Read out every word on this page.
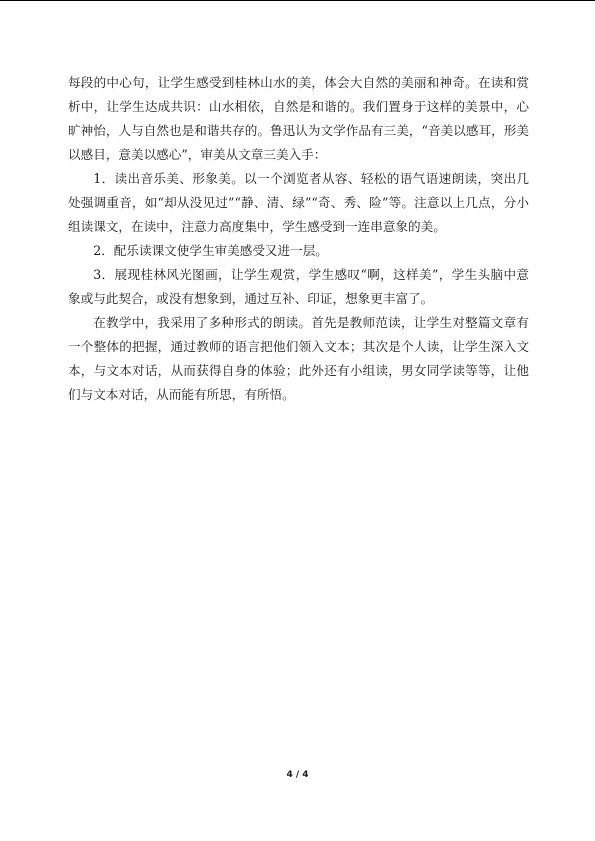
每段的中心句，让学生感受到桂林山水的美，体会大自然的美丽和神奇。在读和赏析中，让学生达成共识：山水相依，自然是和谐的。我们置身于这样的美景中，心旷神怡，人与自然也是和谐共存的。鲁迅认为文学作品有三美，“音美以感耳，形美以感目，意美以感心”，审美从文章三美入手：

1．读出音乐美、形象美。以一个浏览者从容、轻松的语气语速朗读，突出几处强调重音，如“却从没见过”“静、清、绿”“奇、秀、险”等。注意以上几点，分小组读课文，在读中，注意力高度集中，学生感受到一连串意象的美。

2．配乐读课文使学生审美感受又进一层。

3．展现桂林风光图画，让学生观赏，学生感叹“啊，这样美”，学生头脑中意象或与此契合，或没有想象到，通过互补、印证，想象更丰富了。

在教学中，我采用了多种形式的朗读。首先是教师范读，让学生对整篇文章有一个整体的把握，通过教师的语言把他们领入文本；其次是个人读，让学生深入文本，与文本对话，从而获得自身的体验；此外还有小组读，男女同学读等等，让他们与文本对话，从而能有所思，有所悟。

4 / 4
